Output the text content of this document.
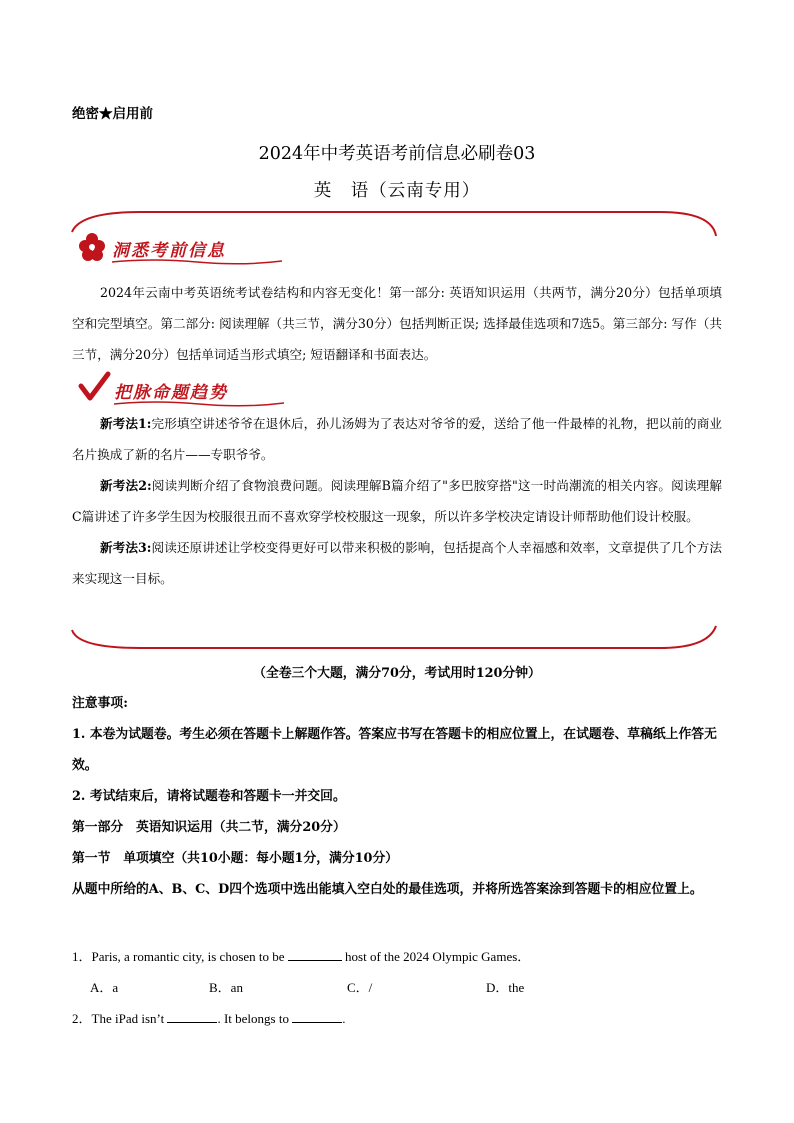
绝密★启用前
2024年中考英语考前信息必刷卷03
英　语（云南专用）
洞悉考前信息

2024年云南中考英语统考试卷结构和内容无变化！第一部分: 英语知识运用（共两节，满分20分）包括单项填空和完型填空。第二部分: 阅读理解（共三节，满分30分）包括判断正误; 选择最佳选项和7选5。第三部分: 写作（共三节，满分20分）包括单词适当形式填空; 短语翻译和书面表达。

把脉命题趋势

新考法1:完形填空讲述爷爷在退休后，孙儿汤姆为了表达对爷爷的爱，送给了他一件最棒的礼物，把以前的商业名片换成了新的名片——专职爷爷。

新考法2:阅读判断介绍了食物浪费问题。阅读理解B篇介绍了"多巴胺穿搭"这一时尚潮流的相关内容。阅读理解C篇讲述了许多学生因为校服很丑而不喜欢穿学校校服这一现象，所以许多学校决定请设计师帮助他们设计校服。

新考法3:阅读还原讲述让学校变得更好可以带来积极的影响，包括提高个人幸福感和效率，文章提供了几个方法来实现这一目标。

（全卷三个大题，满分70分，考试用时120分钟）
注意事项:
1. 本卷为试题卷。考生必须在答题卡上解题作答。答案应书写在答题卡的相应位置上，在试题卷、草稿纸上作答无效。
2. 考试结束后，请将试题卷和答题卡一并交回。
第一部分　英语知识运用（共二节，满分20分）
第一节　单项填空（共10小题：每小题1分，满分10分）
从题中所给的A、B、C、D四个选项中选出能填入空白处的最佳选项，并将所选答案涂到答题卡的相应位置上。
1．Paris, a romantic city, is chosen to be	host of the 2024 Olympic Games．
A．a	B．an	C．/	D．the
2．The iPad isn’t	. It belongs to	.
